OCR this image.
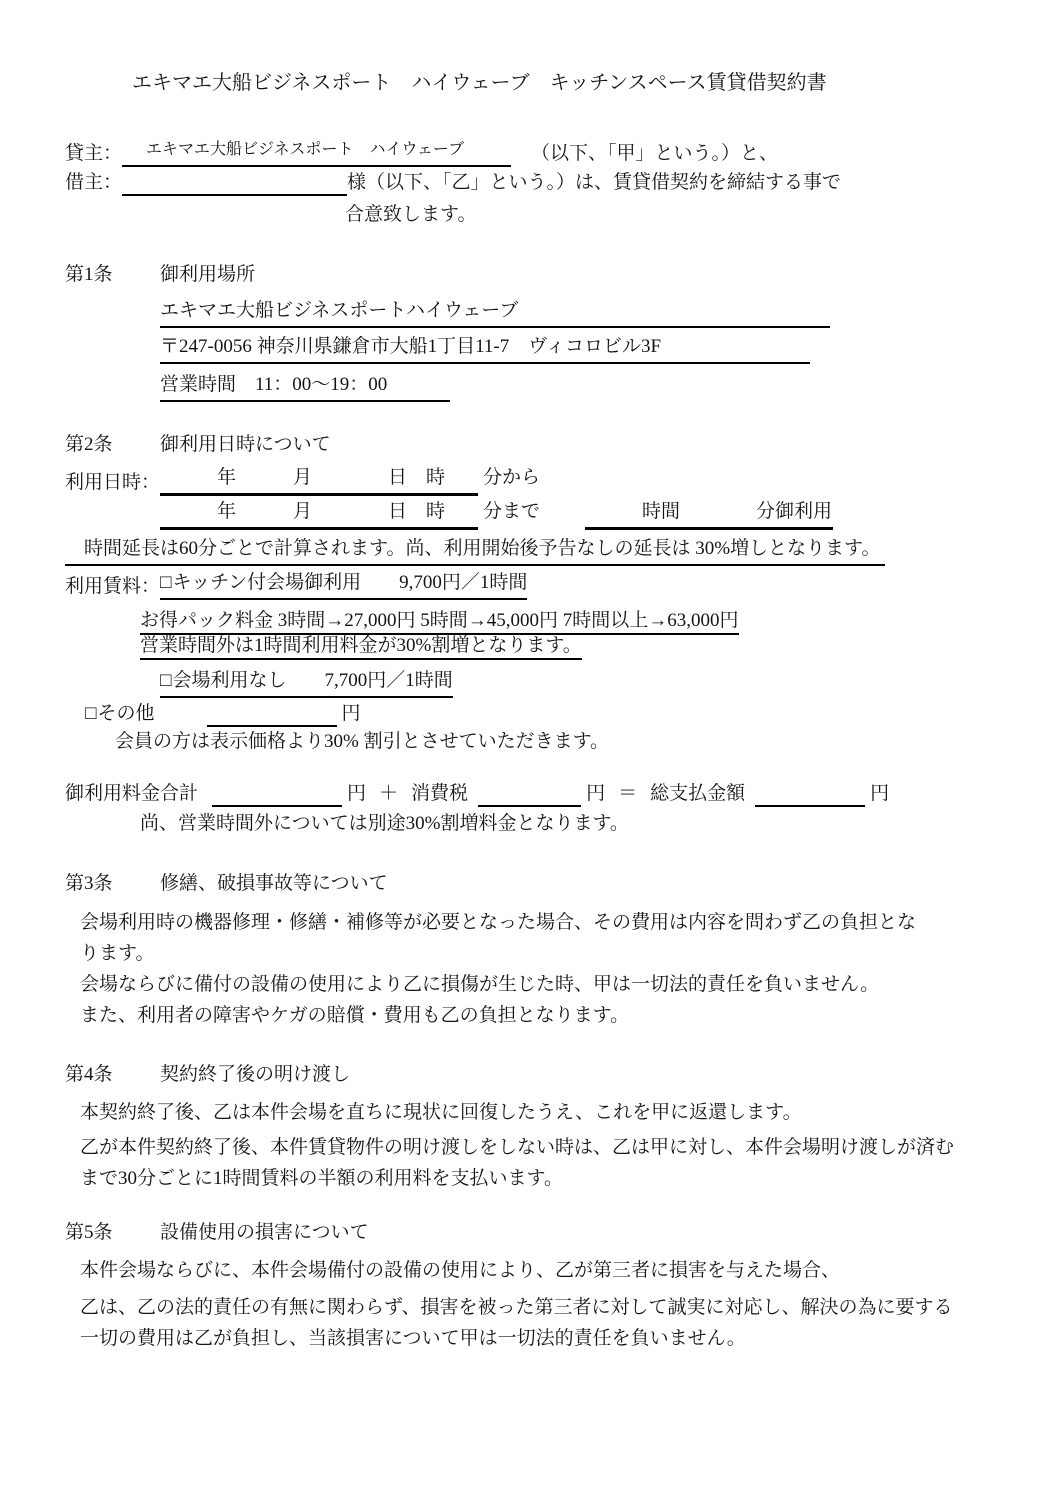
エキマエ大船ビジネスポート　ハイウェーブ　キッチンスペース賃貸借契約書
貸主： エキマエ大船ビジネスポート　ハイウェーブ	（以下、「甲」という。）と、
借主：	様（以下、「乙」という。）は、賃貸借契約を締結する事で
合意致します。
第1条 御利用場所
エキマエ大船ビジネスポートハイウェーブ
〒247-0056 神奈川県鎌倉市大船1丁目11-7　ヴィコロビル3F
営業時間　11：00〜19：00
第2条 御利用日時について
利用日時：　　　年　　　月　　　　日　時　　分から
　　　年　　　月　　　　日　時　　分まで　　　時間　　　　分御利用
　時間延長は60分ごとで計算されます。尚、利用開始後予告なしの延長は 30%増しとなります。
利用賃料：□キッチン付会場御利用　　9,700円／1時間
お得パック料金 3時間→27,000円 5時間→45,000円 7時間以上→63,000円
営業時間外は1時間利用料金が30%割増となります。
□会場利用なし　　7,700円／1時間
□その他	円
会員の方は表示価格より30% 割引とさせていただきます。
御利用料金合計	円 ＋ 消費税	円 ＝ 総支払金額	円
尚、営業時間外については別途30%割増料金となります。
第3条 修繕、破損事故等について
会場利用時の機器修理・修繕・補修等が必要となった場合、その費用は内容を問わず乙の負担とな
ります。
会場ならびに備付の設備の使用により乙に損傷が生じた時、甲は一切法的責任を負いません。
また、利用者の障害やケガの賠償・費用も乙の負担となります。
第4条 契約終了後の明け渡し
本契約終了後、乙は本件会場を直ちに現状に回復したうえ、これを甲に返還します。
乙が本件契約終了後、本件賃貸物件の明け渡しをしない時は、乙は甲に対し、本件会場明け渡しが済む
まで30分ごとに1時間賃料の半額の利用料を支払います。
第5条 設備使用の損害について
本件会場ならびに、本件会場備付の設備の使用により、乙が第三者に損害を与えた場合、
乙は、乙の法的責任の有無に関わらず、損害を被った第三者に対して誠実に対応し、解決の為に要する
一切の費用は乙が負担し、当該損害について甲は一切法的責任を負いません。
